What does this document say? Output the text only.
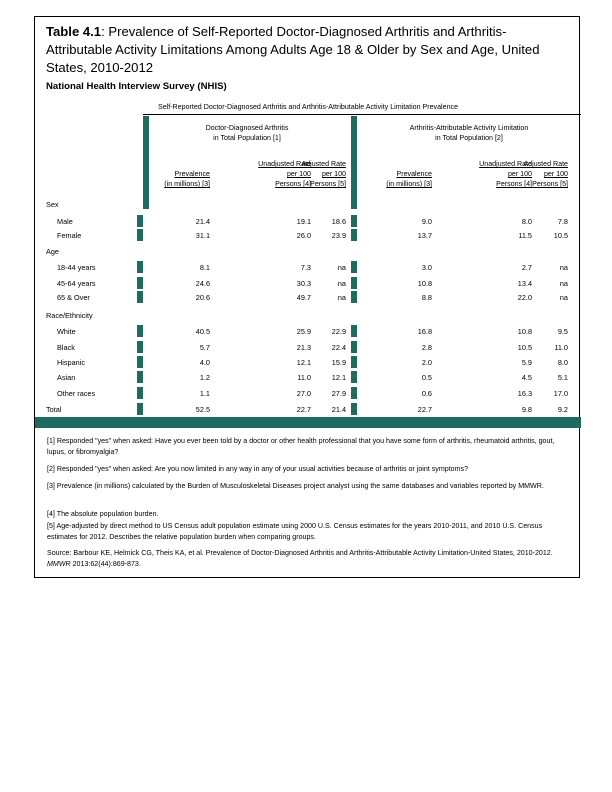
Table 4.1: Prevalence of Self-Reported Doctor-Diagnosed Arthritis and Arthritis-Attributable Activity Limitations Among Adults Age 18 & Older by Sex and Age, United States, 2010-2012
National Health Interview Survey (NHIS)
Self-Reported Doctor-Diagnosed Arthritis and Arthritis-Attributable Activity Limitation Prevalence
Doctor-Diagnosed Arthritis
in Total Population [1]
Arthritis-Attributable Activity Limitation
in Total Population [2]
Prevalence
(in millions) [3]
Unadjusted Rate
per 100
Persons [4]
Adjusted Rate
per 100
Persons [5]
Prevalence
(in millions) [3]
Unadjusted Rate
per 100
Persons [4]
Adjusted Rate
per 100
Persons [5]
Sex
Male	21.4	19.1	18.6	9.0	8.0	7.8
Female	31.1	26.0	23.9	13.7	11.5	10.5
Age
18-44 years	8.1	7.3	na	3.0	2.7	na
45-64 years	24.6	30.3	na	10.8	13.4	na
65 & Over	20.6	49.7	na	8.8	22.0	na
Race/Ethnicity
White	40.5	25.9	22.9	16.8	10.8	9.5
Black	5.7	21.3	22.4	2.8	10.5	11.0
Hispanic	4.0	12.1	15.9	2.0	5.9	8.0
Asian	1.2	11.0	12.1	0.5	4.5	5.1
Other races	1.1	27.0	27.9	0.6	16.3	17.0
Total	52.5	22.7	21.4	22.7	9.8	9.2
[1] Responded "yes" when asked: Have you ever been told by a doctor or other health professional that you have some form of arthritis, rheumatoid arthritis, gout, lupus, or fibromyalgia?
[2] Responded "yes" when asked: Are you now limited in any way in any of your usual activities because of arthritis or joint symptoms?
[3] Prevalence (in millions) calculated by the Burden of Musculoskeletal Diseases project analyst using the same databases and variables reported by MMWR.
[4] The absolute population burden.
[5] Age-adjusted by direct method to US Census adult population estimate using 2000 U.S. Census estimates for the years 2010-2011, and 2010 U.S. Census estimates for 2012. Describes the relative population burden when comparing groups.
Source: Barbour KE, Helmick CG, Theis KA, et al. Prevalence of Doctor-Diagnosed Arthritis and Arthritis-Attributable Activity Limitation-United States, 2010-2012. MMWR 2013:62(44):869-873.
